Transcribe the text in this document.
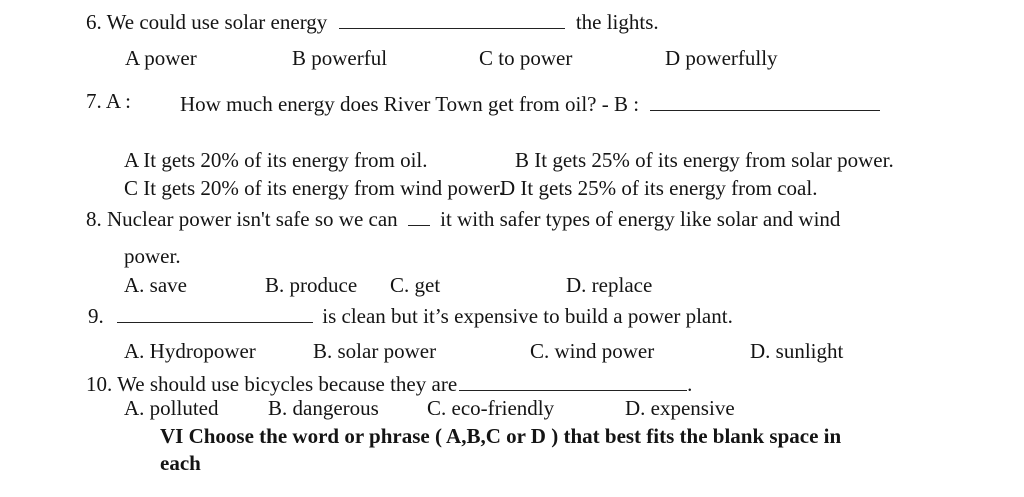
6. We could use solar energy	the lights.
A power	B powerful	C to power	D powerfully
7. A : How much energy does River Town get from oil? - B :
A It gets 20% of its energy from oil.	B It gets 25% of its energy from solar power.
C It gets 20% of its energy from wind power.
D It gets 25% of its energy from coal.
8. Nuclear power isn't safe so we can it with safer types of energy like solar and wind
power.
A. save	B. produce C. get	D. replace
9.	is clean but it’s expensive to build a power plant.
A. Hydropower	B. solar power	C. wind power	D. sunlight
10. We should use bicycles because they are	.
A. polluted B. dangerous C. eco-friendly	D. expensive
VI Choose the word or phrase ( A,B,C or D ) that best fits the blank space in
each
